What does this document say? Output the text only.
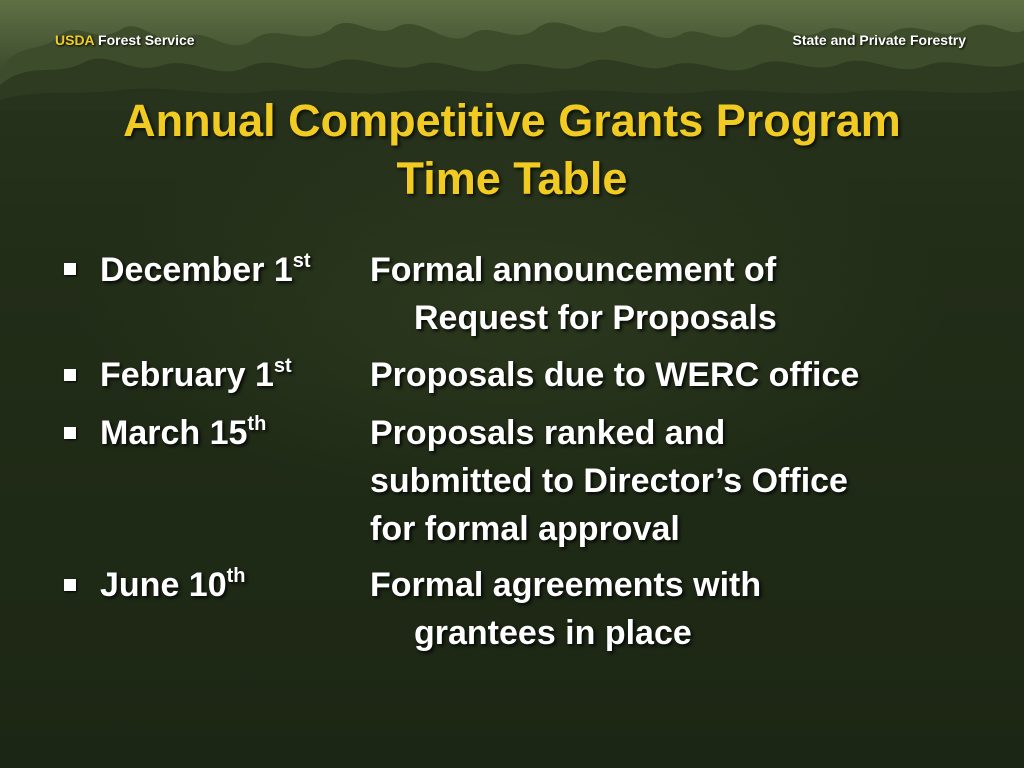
USDA Forest Service	State and Private Forestry
Annual Competitive Grants Program
Time Table
December 1st Formal announcement of
Request for Proposals
February 1st Proposals due to WERC office
March 15th	Proposals ranked and
submitted to Director’s Office
for formal approval
June 10th	Formal agreements with
grantees in place
